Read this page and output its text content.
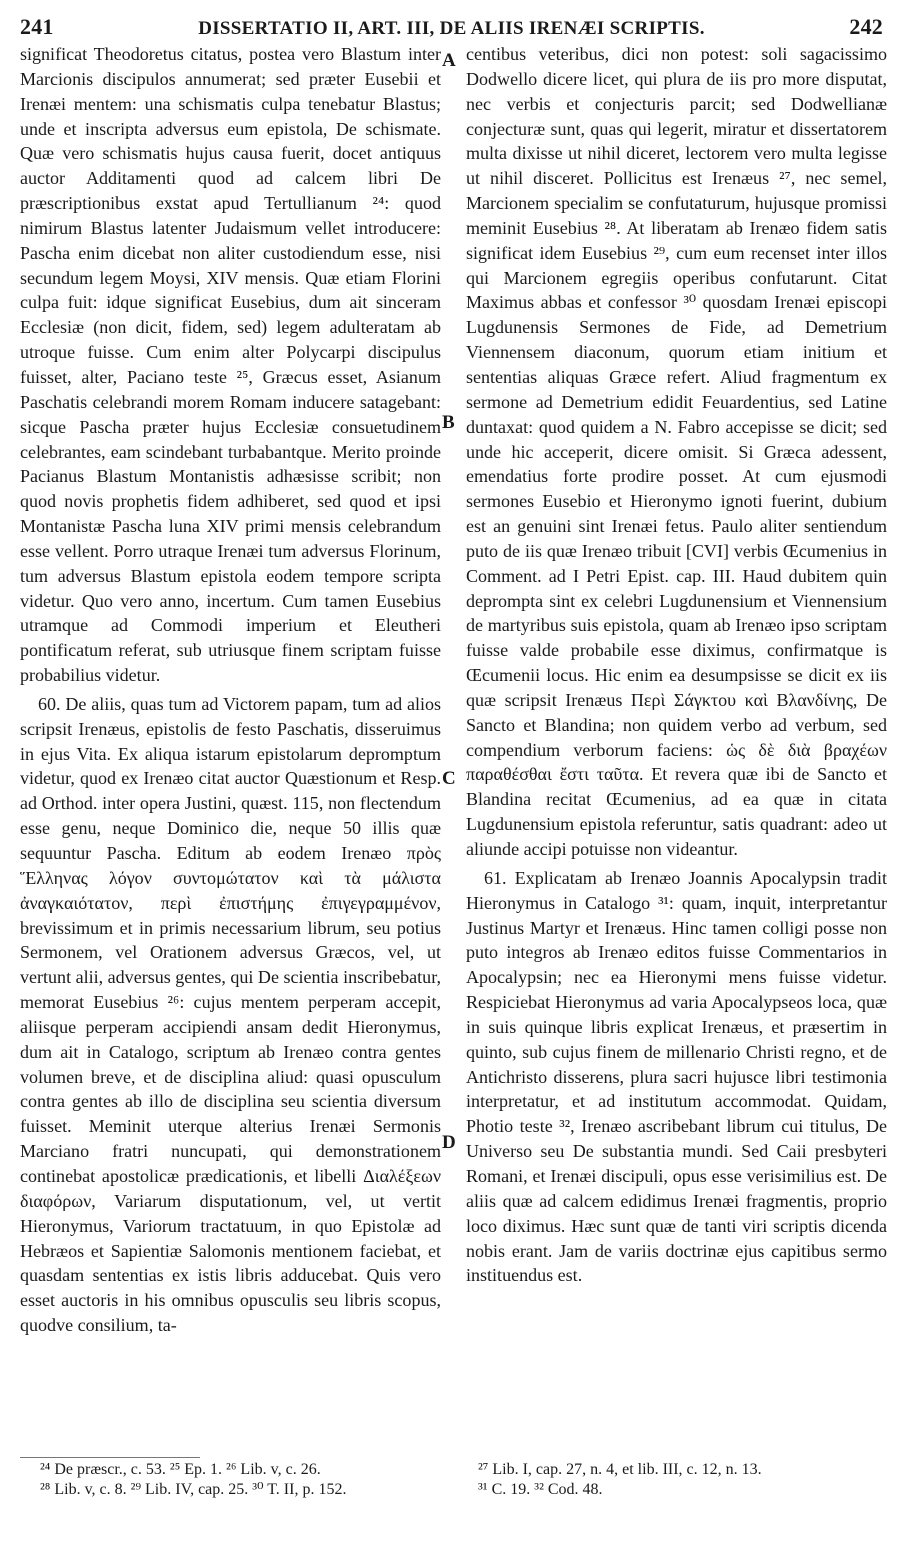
241	DISSERTATIO II, ART. III, DE ALIIS IRENÆI SCRIPTIS.	242

significat Theodoretus citatus, postea vero Blastum inter Marcionis discipulos annumerat; sed præter Eusebii et Irenæi mentem: una schismatis culpa tenebatur Blastus; unde et inscripta adversus eum epistola, De schismate. Quæ vero schismatis hujus causa fuerit, docet antiquus auctor Additamenti quod ad calcem libri De præscriptionibus exstat apud Tertullianum ²⁴: quod nimirum Blastus latenter Judaismum vellet introducere: Pascha enim dicebat non aliter custodiendum esse, nisi secundum legem Moysi, XIV mensis. Quæ etiam Florini culpa fuit: idque significat Eusebius, dum ait sinceram Ecclesiæ (non dicit, fidem, sed) legem adulteratam ab utroque fuisse. Cum enim alter Polycarpi discipulus fuisset, alter, Paciano teste ²⁵, Græcus esset, Asianum Paschatis celebrandi morem Romam inducere satagebant: sicque Pascha præter hujus Ecclesiæ consuetudinem celebrantes, eam scindebant turbabantque. Merito proinde Pacianus Blastum Montanistis adhæsisse scribit; non quod novis prophetis fidem adhiberet, sed quod et ipsi Montanistæ Pascha luna XIV primi mensis celebrandum esse vellent. Porro utraque Irenæi tum adversus Florinum, tum adversus Blastum epistola eodem tempore scripta videtur. Quo vero anno, incertum. Cum tamen Eusebius utramque ad Commodi imperium et Eleutheri pontificatum referat, sub utriusque finem scriptam fuisse probabilius videtur.

60. De aliis, quas tum ad Victorem papam, tum ad alios scripsit Irenæus, epistolis de festo Paschatis, disseruimus in ejus Vita. Ex aliqua istarum epistolarum depromptum videtur, quod ex Irenæo citat auctor Quæstionum et Resp. ad Orthod. inter opera Justini, quæst. 115, non flectendum esse genu, neque Dominico die, neque 50 illis quæ sequuntur Pascha. Editum ab eodem Irenæo πρὸς Ἕλληνας λόγον συντομώτατον καὶ τὰ μάλιστα ἀναγκαιότατον, περὶ ἐπιστήμης ἐπιγεγραμμένον, brevissimum et in primis necessarium librum, seu potius Sermonem, vel Orationem adversus Græcos, vel, ut vertunt alii, adversus gentes, qui De scientia inscribebatur, memorat Eusebius ²⁶: cujus mentem perperam accepit, aliisque perperam accipiendi ansam dedit Hieronymus, dum ait in Catalogo, scriptum ab Irenæo contra gentes volumen breve, et de disciplina aliud: quasi opusculum contra gentes ab illo de disciplina seu scientia diversum fuisset. Meminit uterque alterius Irenæi Sermonis Marciano fratri nuncupati, qui demonstrationem continebat apostolicæ prædicationis, et libelli Διαλέξεων διαφόρων, Variarum disputationum, vel, ut vertit Hieronymus, Variorum tractatuum, in quo Epistolæ ad Hebræos et Sapientiæ Salomonis mentionem faciebat, et quasdam sententias ex istis libris adducebat. Quis vero esset auctoris in his omnibus opusculis seu libris scopus, quodve consilium, ta-

centibus veteribus, dici non potest: soli sagacissimo Dodwello dicere licet, qui plura de iis pro more disputat, nec verbis et conjecturis parcit; sed Dodwellianæ conjecturæ sunt, quas qui legerit, miratur et dissertatorem multa dixisse ut nihil diceret, lectorem vero multa legisse ut nihil disceret. Pollicitus est Irenæus ²⁷, nec semel, Marcionem specialim se confutaturum, hujusque promissi meminit Eusebius ²⁸. At liberatam ab Irenæo fidem satis significat idem Eusebius ²⁹, cum eum recenset inter illos qui Marcionem egregiis operibus confutarunt. Citat Maximus abbas et confessor ³⁰ quosdam Irenæi episcopi Lugdunensis Sermones de Fide, ad Demetrium Viennensem diaconum, quorum etiam initium et sententias aliquas Græce refert. Aliud fragmentum ex sermone ad Demetrium edidit Feuardentius, sed Latine duntaxat: quod quidem a N. Fabro accepisse se dicit; sed unde hic acceperit, dicere omisit. Si Græca adessent, emendatius forte prodire posset. At cum ejusmodi sermones Eusebio et Hieronymo ignoti fuerint, dubium est an genuini sint Irenæi fetus. Paulo aliter sentiendum puto de iis quæ Irenæo tribuit [CVI] verbis Œcumenius in Comment. ad I Petri Epist. cap. III. Haud dubitem quin deprompta sint ex celebri Lugdunensium et Viennensium de martyribus suis epistola, quam ab Irenæo ipso scriptam fuisse valde probabile esse diximus, confirmatque is Œcumenii locus. Hic enim ea desumpsisse se dicit ex iis quæ scripsit Irenæus Περὶ Σάγκτου καὶ Βλανδίνης, De Sancto et Blandina; non quidem verbo ad verbum, sed compendium verborum faciens: ὡς δὲ διὰ βραχέων παραθέσθαι ἔστι ταῦτα. Et revera quæ ibi de Sancto et Blandina recitat Œcumenius, ad ea quæ in citata Lugdunensium epistola referuntur, satis quadrant: adeo ut aliunde accipi potuisse non videantur.

61. Explicatam ab Irenæo Joannis Apocalypsin tradit Hieronymus in Catalogo ³¹: quam, inquit, interpretantur Justinus Martyr et Irenæus. Hinc tamen colligi posse non puto integros ab Irenæo editos fuisse Commentarios in Apocalypsin; nec ea Hieronymi mens fuisse videtur. Respiciebat Hieronymus ad varia Apocalypseos loca, quæ in suis quinque libris explicat Irenæus, et præsertim in quinto, sub cujus finem de millenario Christi regno, et de Antichristo disserens, plura sacri hujusce libri testimonia interpretatur, et ad institutum accommodat. Quidam, Photio teste ³², Irenæo ascribebant librum cui titulus, De Universo seu De substantia mundi. Sed Caii presbyteri Romani, et Irenæi discipuli, opus esse verisimilius est. De aliis quæ ad calcem edidimus Irenæi fragmentis, proprio loco diximus. Hæc sunt quæ de tanti viri scriptis dicenda nobis erant. Jam de variis doctrinæ ejus capitibus sermo instituendus est.

A
B
C
D
²⁴ De præscr., c. 53. ²⁵ Ep. 1. ²⁶ Lib. v, c. 26.
²⁸ Lib. v, c. 8. ²⁹ Lib. IV, cap. 25. ³⁰ T. II, p. 152.
²⁷ Lib. I, cap. 27, n. 4, et lib. III, c. 12, n. 13.
³¹ C. 19. ³² Cod. 48.
